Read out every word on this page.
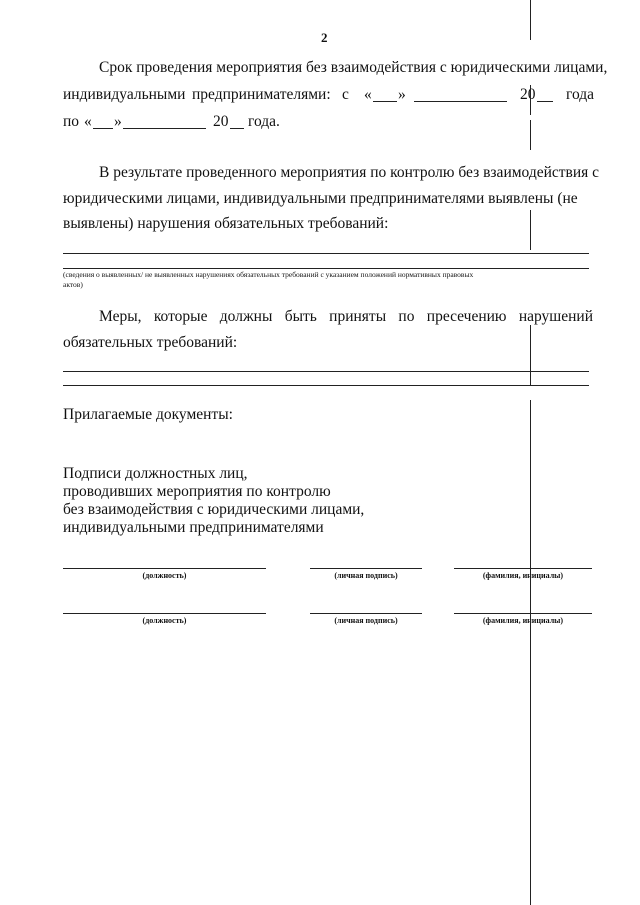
2
Срок проведения мероприятия без взаимодействия с юридическими лицами,
индивидуальными предпринимателями: с « »	20 года
по « »	20 года.
В результате проведенного мероприятия по контролю без взаимодействия с
юридическими лицами, индивидуальными предпринимателями выявлены (не
выявлены) нарушения обязательных требований:
(сведения о выявленных/ не выявленных нарушениях обязательных требований с указанием положений нормативных правовых
актов)
Меры, которые должны быть приняты по пресечению нарушений
обязательных требований:
Прилагаемые документы:
Подписи должностных лиц,
проводивших мероприятия по контролю
без взаимодействия с юридическими лицами,
индивидуальными предпринимателями
(должность)	(личная подпись)	(фамилия, инициалы)
(должность)	(личная подпись)	(фамилия, инициалы)
